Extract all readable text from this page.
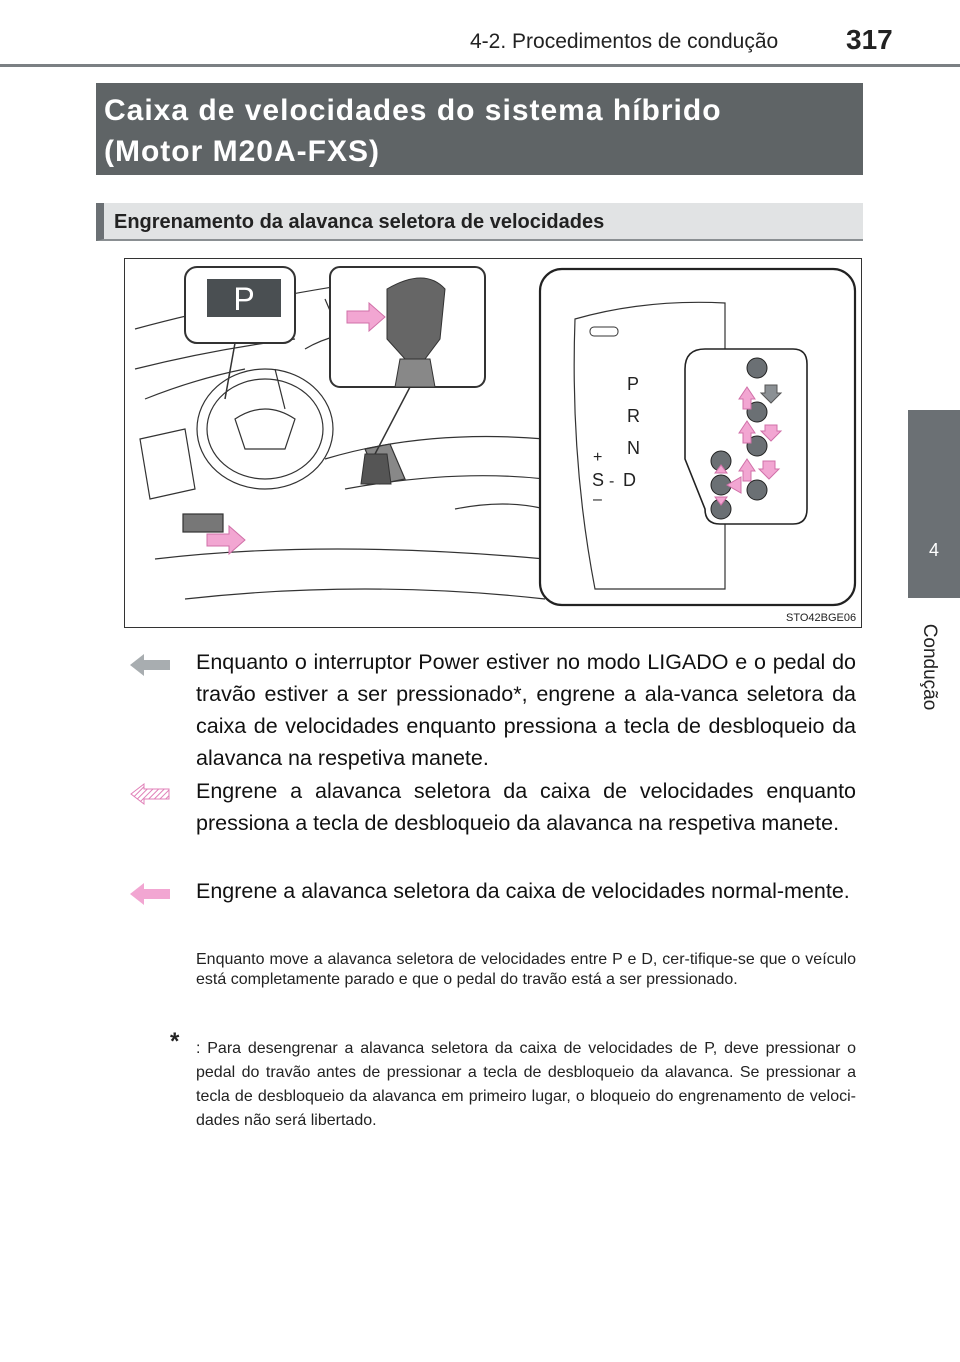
4-2. Procedimentos de condução 317
4
Condução
Caixa de velocidades do sistema híbrido
(Motor M20A-FXS)
Engrenamento da alavanca seletora de velocidades
P
P
R
N
D
+
S -
–
STO42BGE06
Enquanto o interruptor Power estiver no modo LIGADO e o pedal do travão estiver a ser pressionado*, engrene a ala-vanca seletora da caixa de velocidades enquanto pressiona a tecla de desbloqueio da alavanca na respetiva manete.
Engrene a alavanca seletora da caixa de velocidades enquanto pressiona a tecla de desbloqueio da alavanca na respetiva manete.
Engrene a alavanca seletora da caixa de velocidades normal-mente.
Enquanto move a alavanca seletora de velocidades entre P e D, cer-tifique-se que o veículo está completamente parado e que o pedal do travão está a ser pressionado.
* : Para desengrenar a alavanca seletora da caixa de velocidades de P, deve pressionar o pedal do travão antes de pressionar a tecla de desbloqueio da alavanca. Se pressionar a tecla de desbloqueio da alavanca em primeiro lugar, o bloqueio do engrenamento de veloci-dades não será libertado.
